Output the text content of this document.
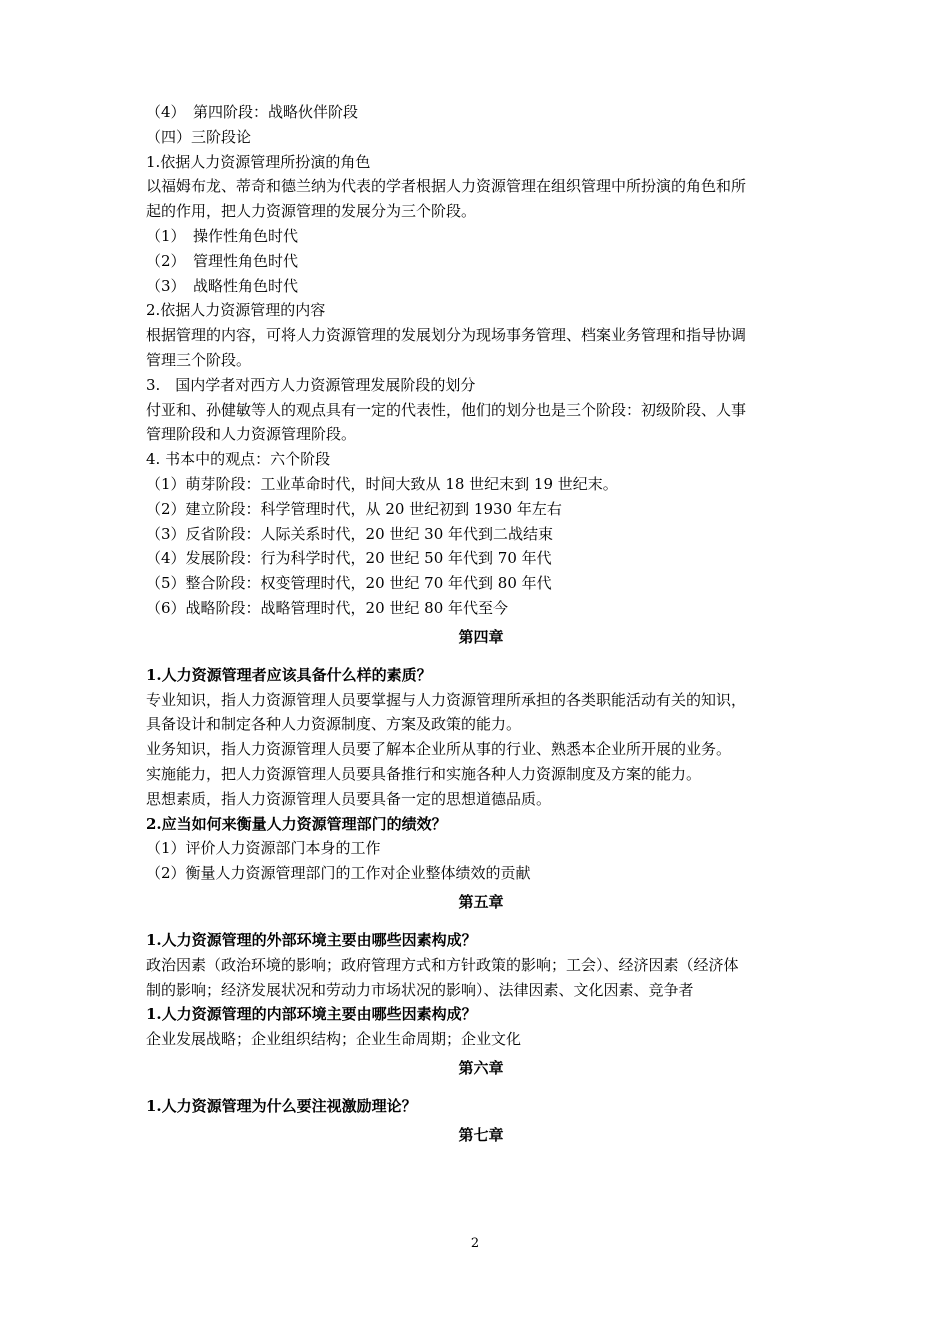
（4）　第四阶段：战略伙伴阶段
（四）三阶段论
1.依据人力资源管理所扮演的角色
以福姆布龙、蒂奇和德兰纳为代表的学者根据人力资源管理在组织管理中所扮演的角色和所
起的作用，把人力资源管理的发展分为三个阶段。
（1）　操作性角色时代
（2）　管理性角色时代
（3）　战略性角色时代
2.依据人力资源管理的内容
根据管理的内容，可将人力资源管理的发展划分为现场事务管理、档案业务管理和指导协调
管理三个阶段。
3.　国内学者对西方人力资源管理发展阶段的划分
付亚和、孙健敏等人的观点具有一定的代表性，他们的划分也是三个阶段：初级阶段、人事
管理阶段和人力资源管理阶段。
4. 书本中的观点：六个阶段
（1）萌芽阶段：工业革命时代，时间大致从 18 世纪末到 19 世纪末。
（2）建立阶段：科学管理时代，从 20 世纪初到 1930 年左右
（3）反省阶段：人际关系时代，20 世纪 30 年代到二战结束
（4）发展阶段：行为科学时代，20 世纪 50 年代到 70 年代
（5）整合阶段：权变管理时代，20 世纪 70 年代到 80 年代
（6）战略阶段：战略管理时代，20 世纪 80 年代至今
第四章
1.人力资源管理者应该具备什么样的素质？
专业知识，指人力资源管理人员要掌握与人力资源管理所承担的各类职能活动有关的知识，
具备设计和制定各种人力资源制度、方案及政策的能力。
业务知识，指人力资源管理人员要了解本企业所从事的行业、熟悉本企业所开展的业务。
实施能力，把人力资源管理人员要具备推行和实施各种人力资源制度及方案的能力。
思想素质，指人力资源管理人员要具备一定的思想道德品质。
2.应当如何来衡量人力资源管理部门的绩效？
（1）评价人力资源部门本身的工作
（2）衡量人力资源管理部门的工作对企业整体绩效的贡献
第五章
1.人力资源管理的外部环境主要由哪些因素构成？
政治因素（政治环境的影响；政府管理方式和方针政策的影响；工会）、经济因素（经济体
制的影响；经济发展状况和劳动力市场状况的影响）、法律因素、文化因素、竞争者
1.人力资源管理的内部环境主要由哪些因素构成？
企业发展战略；企业组织结构；企业生命周期；企业文化
第六章
1.人力资源管理为什么要注视激励理论？
第七章
2
